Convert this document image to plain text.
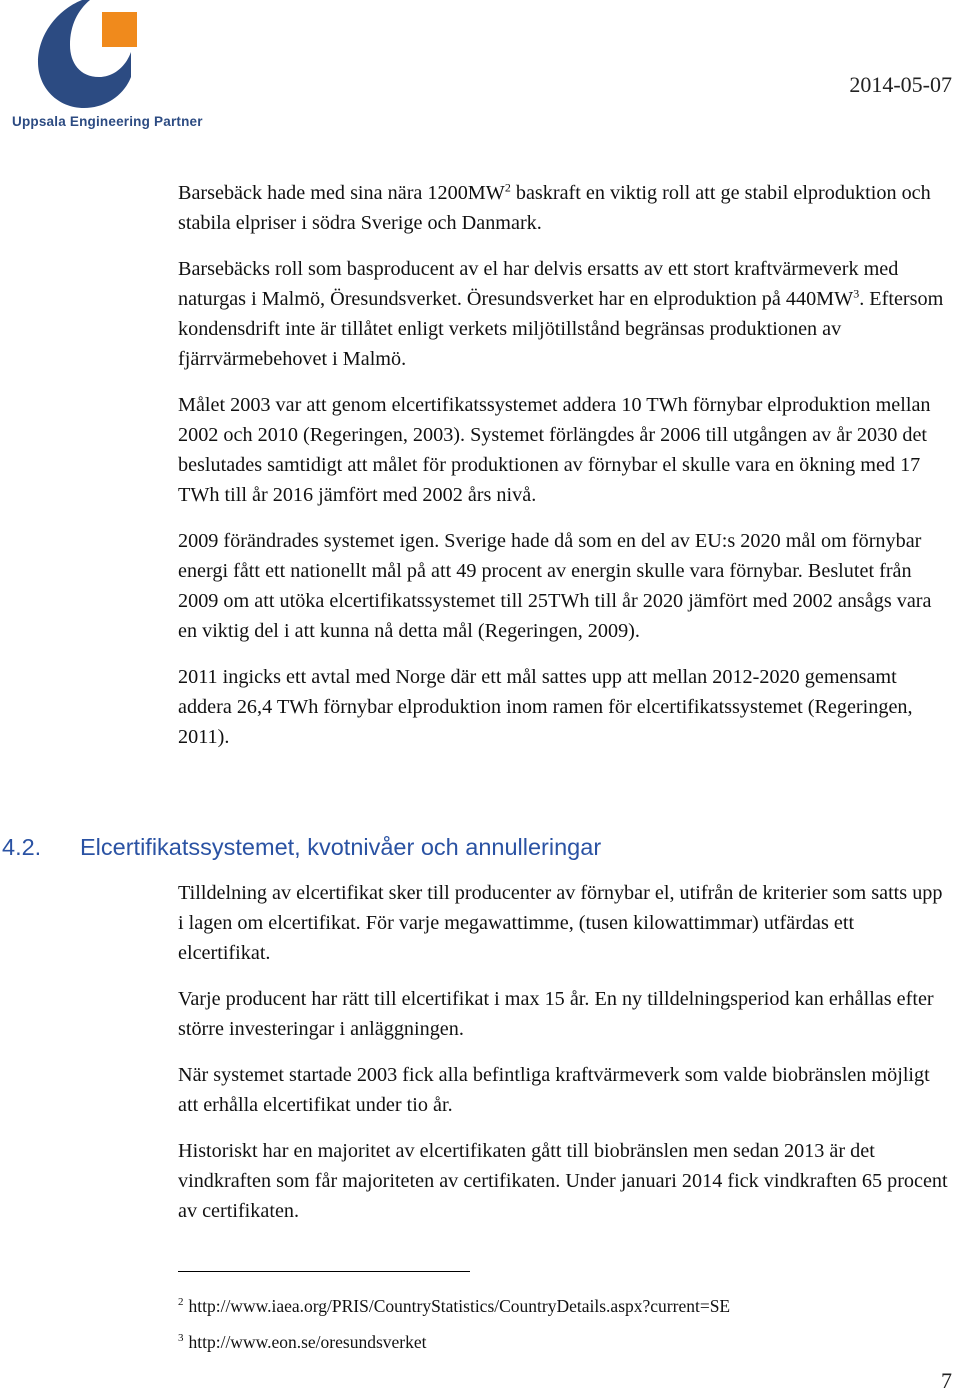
Uppsala Engineering Partner
2014-05-07

Barsebäck hade med sina nära $1200MW^2$ baskraft en viktig roll att ge stabil elproduktion och stabila elpriser i södra Sverige och Danmark.

Barsebäcks roll som basproducent av el har delvis ersatts av ett stort kraftvärmeverk med naturgas i Malmö, Öresundsverket. Öresundsverket har en elproduktion på $440MW^3$. Eftersom kondensdrift inte är tillåtet enligt verkets miljötillstånd begränsas produktionen av fjärrvärmebehovet i Malmö.

Målet 2003 var att genom elcertifikatssystemet addera 10 TWh förnybar elproduktion mellan 2002 och 2010 (Regeringen, 2003). Systemet förlängdes år 2006 till utgången av år 2030 det beslutades samtidigt att målet för produktionen av förnybar el skulle vara en ökning med 17 TWh till år 2016 jämfört med 2002 års nivå.

2009 förändrades systemet igen. Sverige hade då som en del av EU:s 2020 mål om förnybar energi fått ett nationellt mål på att 49 procent av energin skulle vara förnybar. Beslutet från 2009 om att utöka elcertifikatssystemet till 25TWh till år 2020 jämfört med 2002 ansågs vara en viktig del i att kunna nå detta mål (Regeringen, 2009).

2011 ingicks ett avtal med Norge där ett mål sattes upp att mellan 2012-2020 gemensamt addera 26,4 TWh förnybar elproduktion inom ramen för elcertifikatssystemet (Regeringen, 2011).

4.2. Elcertifikatssystemet, kvotnivåer och annulleringar

Tilldelning av elcertifikat sker till producenter av förnybar el, utifrån de kriterier som satts upp i lagen om elcertifikat. För varje megawattimme, (tusen kilowattimmar) utfärdas ett elcertifikat.

Varje producent har rätt till elcertifikat i max 15 år. En ny tilldelningsperiod kan erhållas efter större investeringar i anläggningen.

När systemet startade 2003 fick alla befintliga kraftvärmeverk som valde biobränslen möjligt att erhålla elcertifikat under tio år.

Historiskt har en majoritet av elcertifikaten gått till biobränslen men sedan 2013 är det vindkraften som får majoriteten av certifikaten. Under januari 2014 fick vindkraften 65 procent av certifikaten.

$^2$ http://www.iaea.org/PRIS/CountryStatistics/CountryDetails.aspx?current=SE

$^3$ http://www.eon.se/oresundsverket

7
